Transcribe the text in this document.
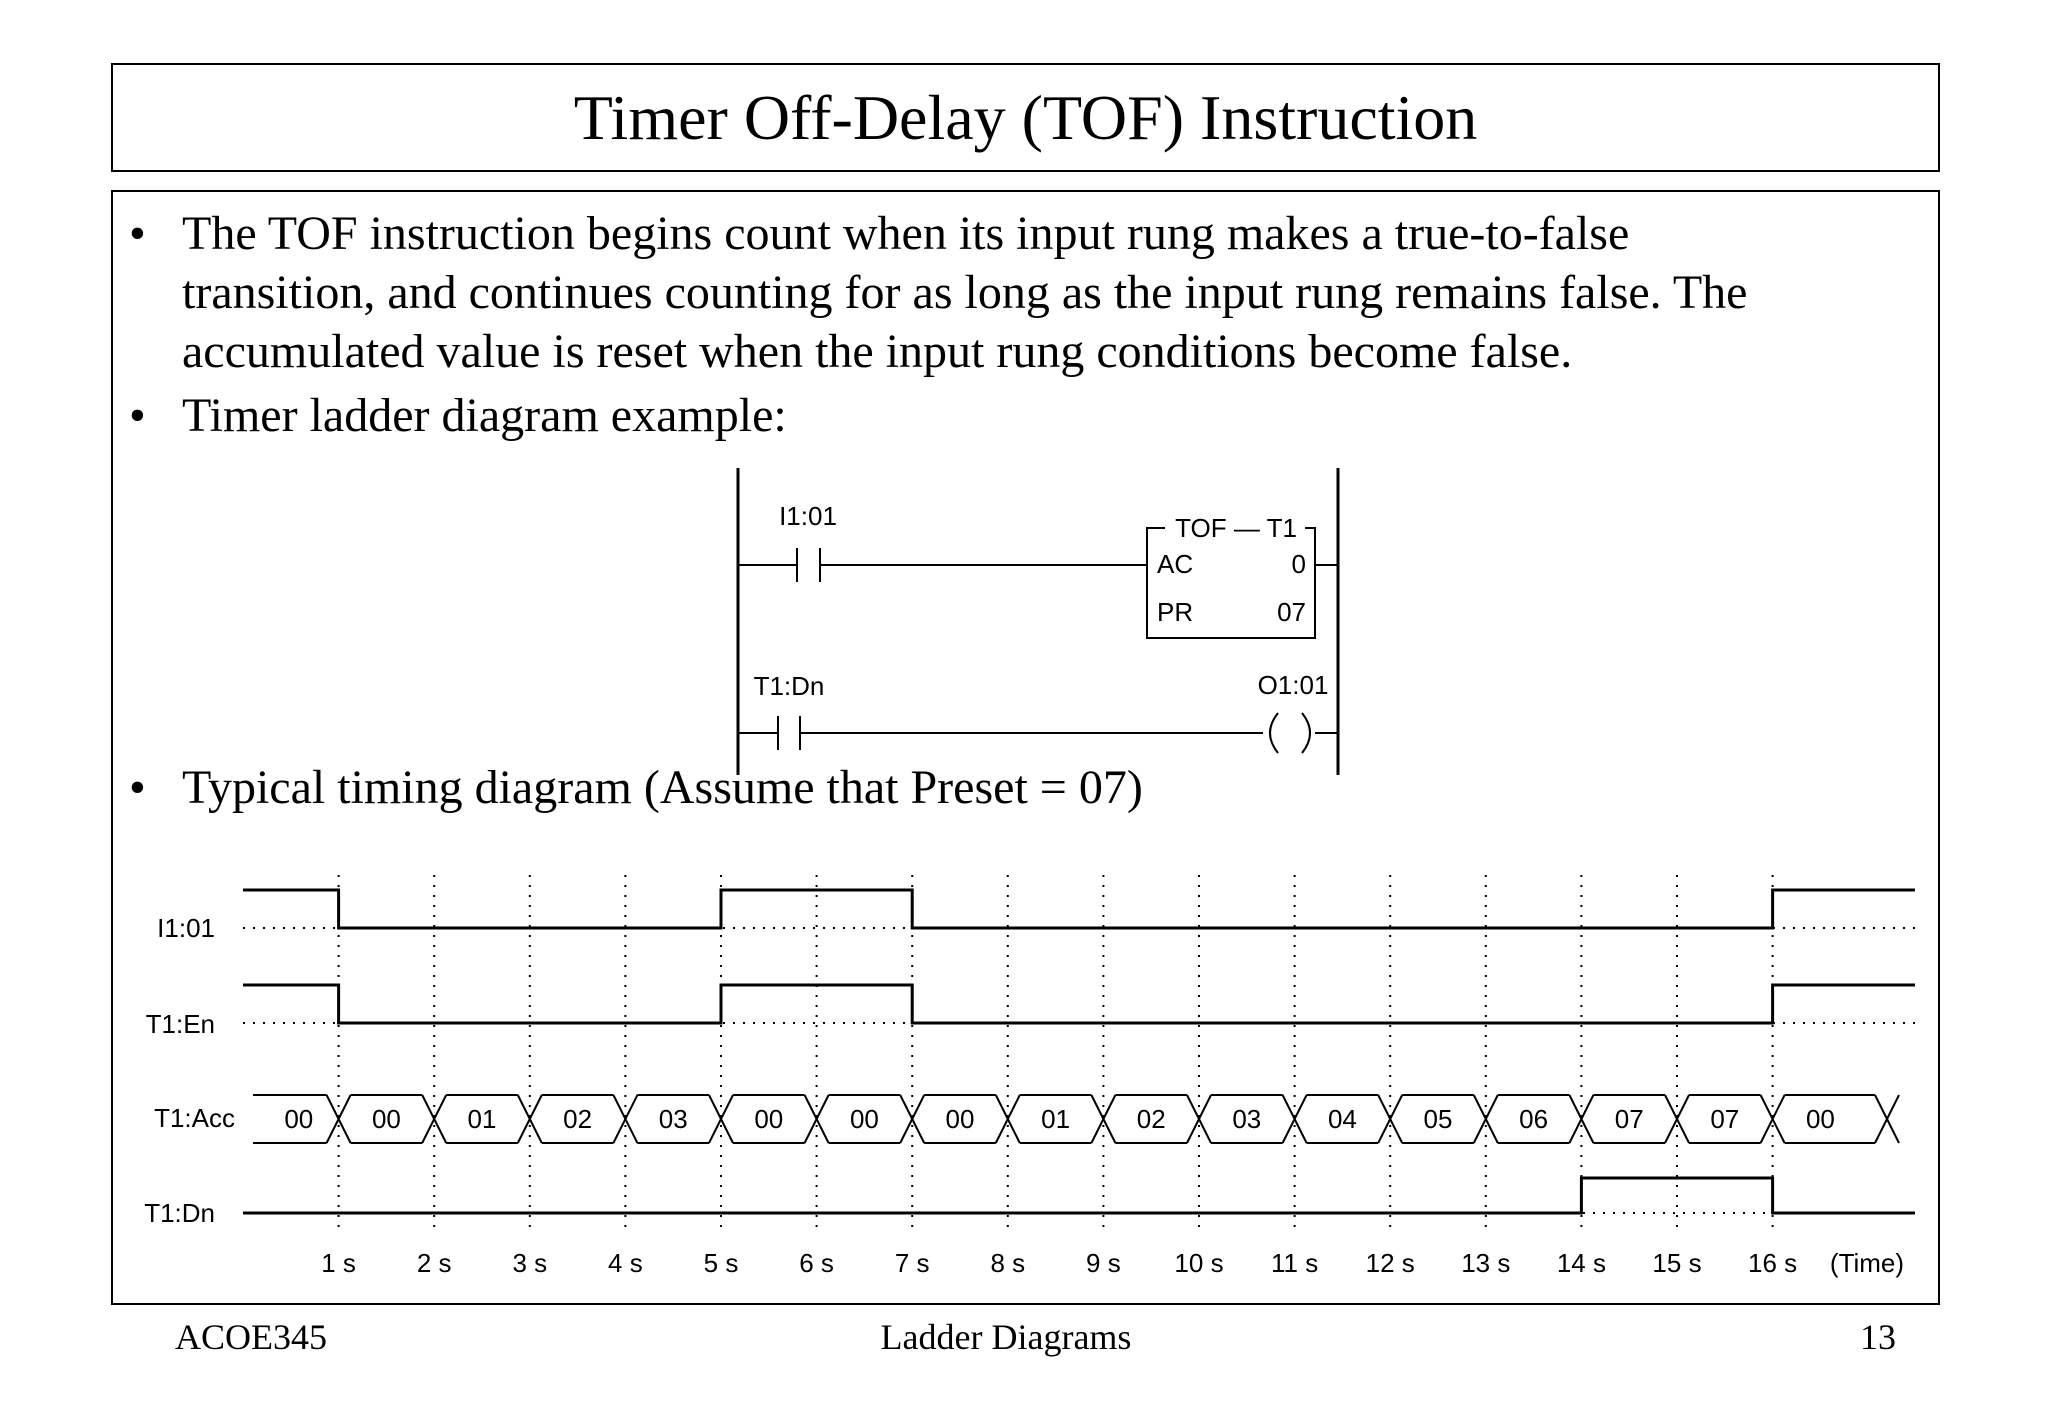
Timer Off-Delay (TOF) Instruction
• The TOF instruction begins count when its input rung makes a true-to-false
transition, and continues counting for as long as the input rung remains false. The
accumulated value is reset when the input rung conditions become false.
• Timer ladder diagram example:
• Typical timing diagram (Assume that Preset = 07)
I1:01	TOF — T1
AC	0
PR	07
T1:Dn	O1:01
I1:01
T1:En
T1:Dn
T1:Acc 00 00	01	02	03	00	00	00	01	02	03	04	05	06	07	07	00
1 s 2 s 3 s 4 s 5 s 6 s 7 s 8 s 9 s 10 s 11 s 12 s 13 s 14 s 15 s 16 s (Time)
ACOE345	Ladder Diagrams	13
